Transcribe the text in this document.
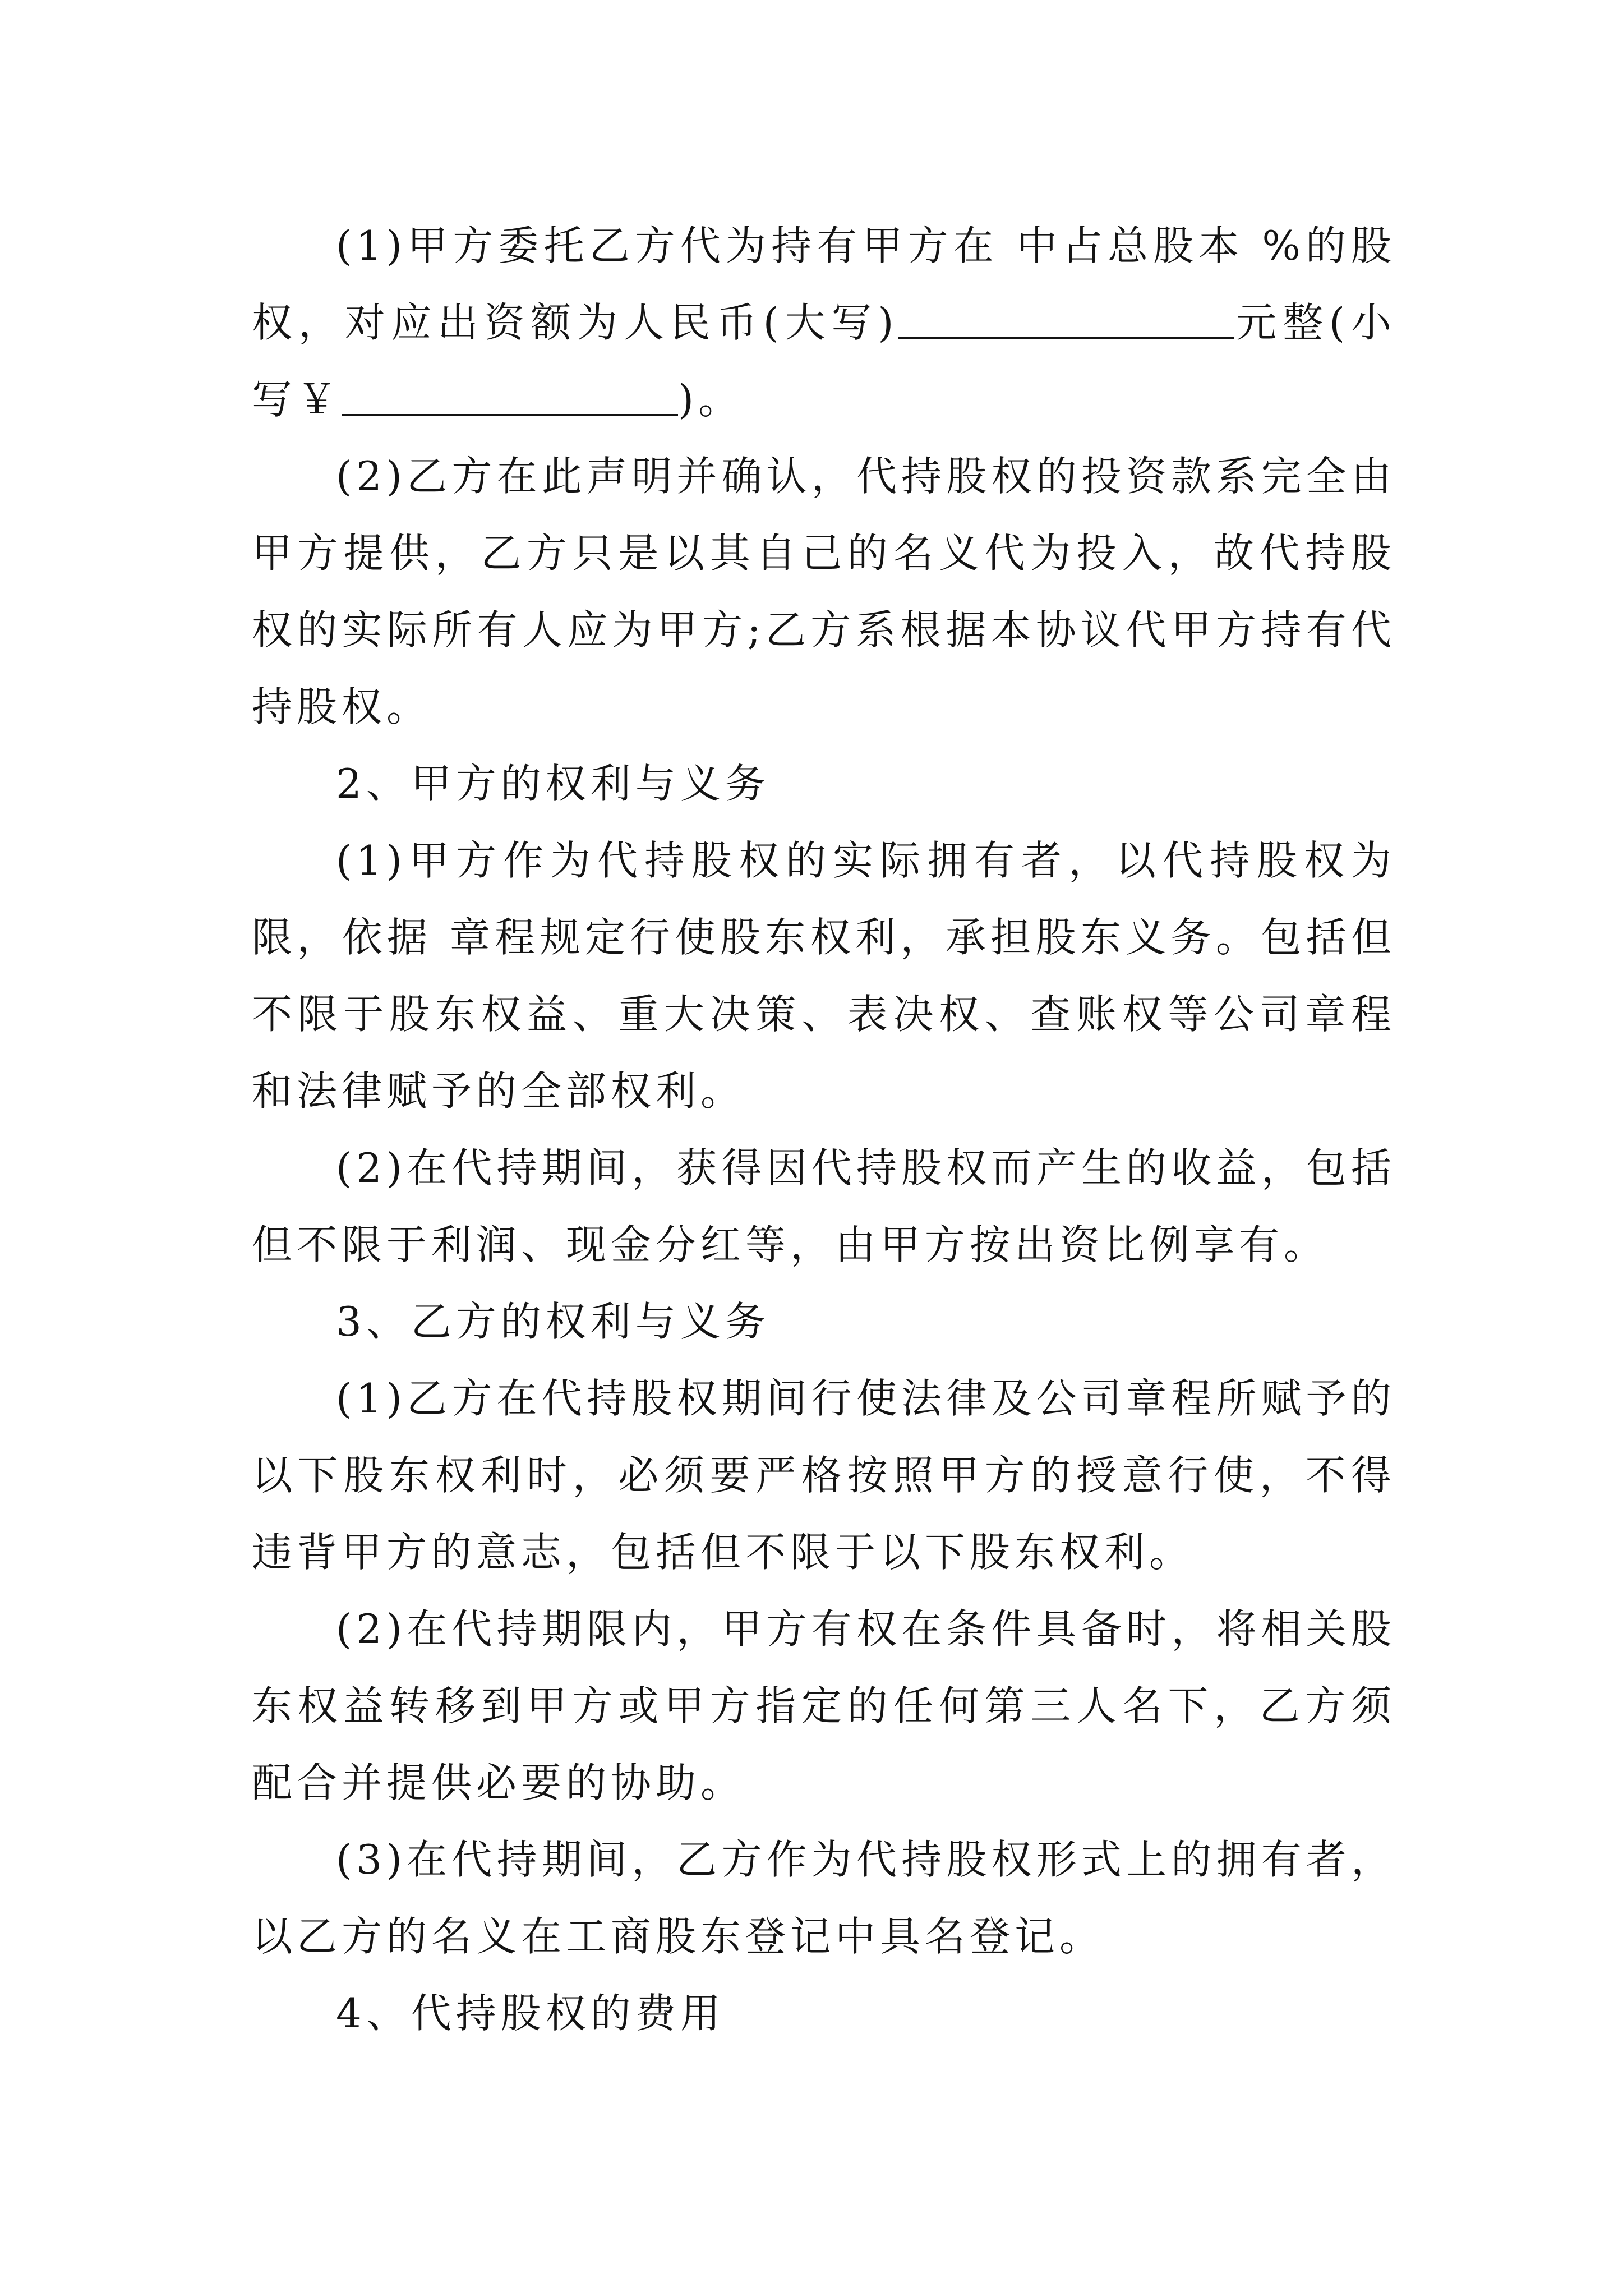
(1)甲方委托乙方代为持有甲方在 中占总股本 %的股权，对应出资额为人民币(大写)	元整(小写￥	)。

(2)乙方在此声明并确认，代持股权的投资款系完全由甲方提供，乙方只是以其自己的名义代为投入，故代持股权的实际所有人应为甲方;乙方系根据本协议代甲方持有代持股权。

2、甲方的权利与义务

(1)甲方作为代持股权的实际拥有者，以代持股权为限，依据 章程规定行使股东权利，承担股东义务。包括但不限于股东权益、重大决策、表决权、查账权等公司章程和法律赋予的全部权利。

(2)在代持期间，获得因代持股权而产生的收益，包括但不限于利润、现金分红等，由甲方按出资比例享有。

3、乙方的权利与义务

(1)乙方在代持股权期间行使法律及公司章程所赋予的以下股东权利时，必须要严格按照甲方的授意行使，不得违背甲方的意志，包括但不限于以下股东权利。

(2)在代持期限内，甲方有权在条件具备时，将相关股东权益转移到甲方或甲方指定的任何第三人名下，乙方须配合并提供必要的协助。

(3)在代持期间，乙方作为代持股权形式上的拥有者，以乙方的名义在工商股东登记中具名登记。

4、代持股权的费用
